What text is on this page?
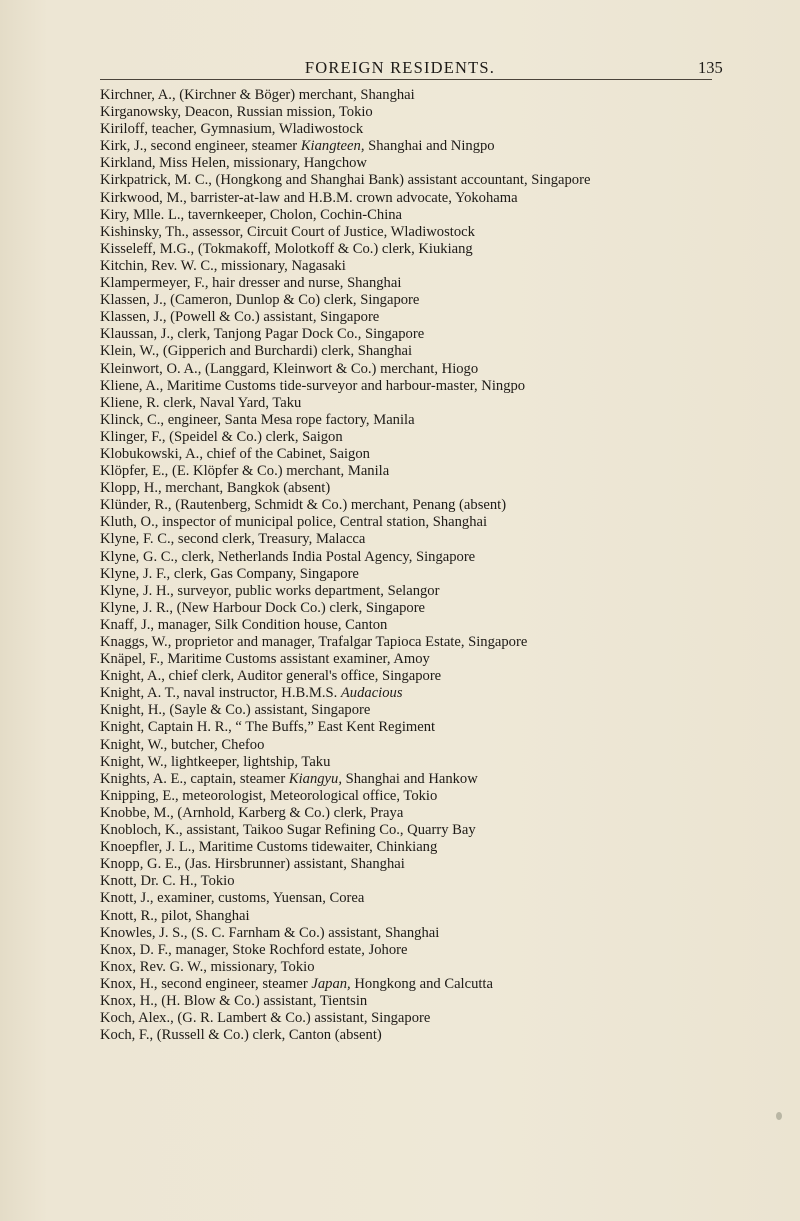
FOREIGN RESIDENTS.	135
Kirchner, A., (Kirchner & Böger) merchant, Shanghai
Kirganowsky, Deacon, Russian mission, Tokio
Kiriloff, teacher, Gymnasium, Wladiwostock
Kirk, J., second engineer, steamer Kiangteen, Shanghai and Ningpo
Kirkland, Miss Helen, missionary, Hangchow
Kirkpatrick, M. C., (Hongkong and Shanghai Bank) assistant accountant, Singapore
Kirkwood, M., barrister-at-law and H.B.M. crown advocate, Yokohama
Kiry, Mlle. L., tavernkeeper, Cholon, Cochin-China
Kishinsky, Th., assessor, Circuit Court of Justice, Wladiwostock
Kisseleff, M.G., (Tokmakoff, Molotkoff & Co.) clerk, Kiukiang
Kitchin, Rev. W. C., missionary, Nagasaki
Klampermeyer, F., hair dresser and nurse, Shanghai
Klassen, J., (Cameron, Dunlop & Co) clerk, Singapore
Klassen, J., (Powell & Co.) assistant, Singapore
Klaussan, J., clerk, Tanjong Pagar Dock Co., Singapore
Klein, W., (Gipperich and Burchardi) clerk, Shanghai
Kleinwort, O. A., (Langgard, Kleinwort & Co.) merchant, Hiogo
Kliene, A., Maritime Customs tide-surveyor and harbour-master, Ningpo
Kliene, R. clerk, Naval Yard, Taku
Klinck, C., engineer, Santa Mesa rope factory, Manila
Klinger, F., (Speidel & Co.) clerk, Saigon
Klobukowski, A., chief of the Cabinet, Saigon
Klöpfer, E., (E. Klöpfer & Co.) merchant, Manila
Klopp, H., merchant, Bangkok (absent)
Klünder, R., (Rautenberg, Schmidt & Co.) merchant, Penang (absent)
Kluth, O., inspector of municipal police, Central station, Shanghai
Klyne, F. C., second clerk, Treasury, Malacca
Klyne, G. C., clerk, Netherlands India Postal Agency, Singapore
Klyne, J. F., clerk, Gas Company, Singapore
Klyne, J. H., surveyor, public works department, Selangor
Klyne, J. R., (New Harbour Dock Co.) clerk, Singapore
Knaff, J., manager, Silk Condition house, Canton
Knaggs, W., proprietor and manager, Trafalgar Tapioca Estate, Singapore
Knäpel, F., Maritime Customs assistant examiner, Amoy
Knight, A., chief clerk, Auditor general's office, Singapore
Knight, A. T., naval instructor, H.B.M.S. Audacious
Knight, H., (Sayle & Co.) assistant, Singapore
Knight, Captain H. R., “ The Buffs,” East Kent Regiment
Knight, W., butcher, Chefoo
Knight, W., lightkeeper, lightship, Taku
Knights, A. E., captain, steamer Kiangyu, Shanghai and Hankow
Knipping, E., meteorologist, Meteorological office, Tokio
Knobbe, M., (Arnhold, Karberg & Co.) clerk, Praya
Knobloch, K., assistant, Taikoo Sugar Refining Co., Quarry Bay
Knoepfler, J. L., Maritime Customs tidewaiter, Chinkiang
Knopp, G. E., (Jas. Hirsbrunner) assistant, Shanghai
Knott, Dr. C. H., Tokio
Knott, J., examiner, customs, Yuensan, Corea
Knott, R., pilot, Shanghai
Knowles, J. S., (S. C. Farnham & Co.) assistant, Shanghai
Knox, D. F., manager, Stoke Rochford estate, Johore
Knox, Rev. G. W., missionary, Tokio
Knox, H., second engineer, steamer Japan, Hongkong and Calcutta
Knox, H., (H. Blow & Co.) assistant, Tientsin
Koch, Alex., (G. R. Lambert & Co.) assistant, Singapore
Koch, F., (Russell & Co.) clerk, Canton (absent)
